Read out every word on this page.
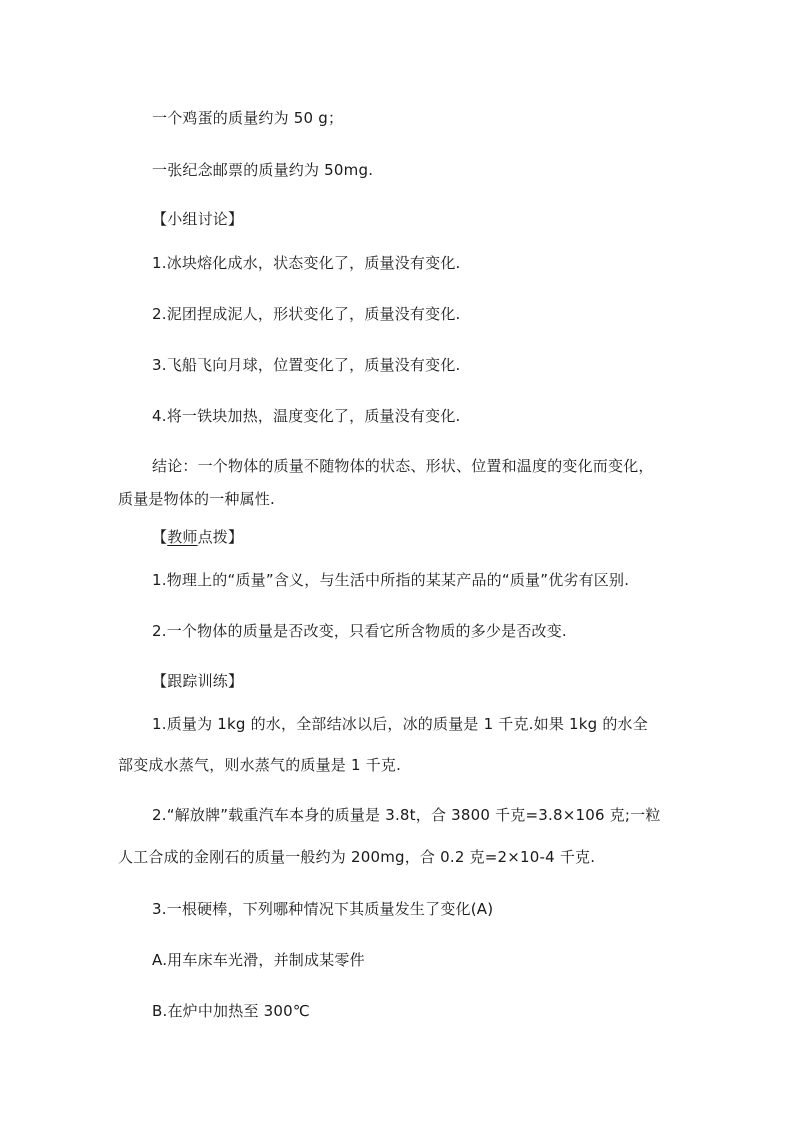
一个鸡蛋的质量约为 50 g；
一张纪念邮票的质量约为 50mg.
【小组讨论】
1.冰块熔化成水，状态变化了，质量没有变化.
2.泥团捏成泥人，形状变化了，质量没有变化.
3.飞船飞向月球，位置变化了，质量没有变化.
4.将一铁块加热，温度变化了，质量没有变化.
结论：一个物体的质量不随物体的状态、形状、位置和温度的变化而变化，
质量是物体的一种属性.
【教师点拨】
1.物理上的“质量”含义，与生活中所指的某某产品的“质量”优劣有区别.
2.一个物体的质量是否改变，只看它所含物质的多少是否改变.
【跟踪训练】
1.质量为 1kg 的水，全部结冰以后，冰的质量是 1 千克.如果 1kg 的水全
部变成水蒸气，则水蒸气的质量是 1 千克.
2.“解放牌”载重汽车本身的质量是 3.8t，合 3800 千克=3.8×106 克;一粒
人工合成的金刚石的质量一般约为 200mg，合 0.2 克=2×10-4 千克.
3.一根硬棒，下列哪种情况下其质量发生了变化(A)
A.用车床车光滑，并制成某零件
B.在炉中加热至 300℃
